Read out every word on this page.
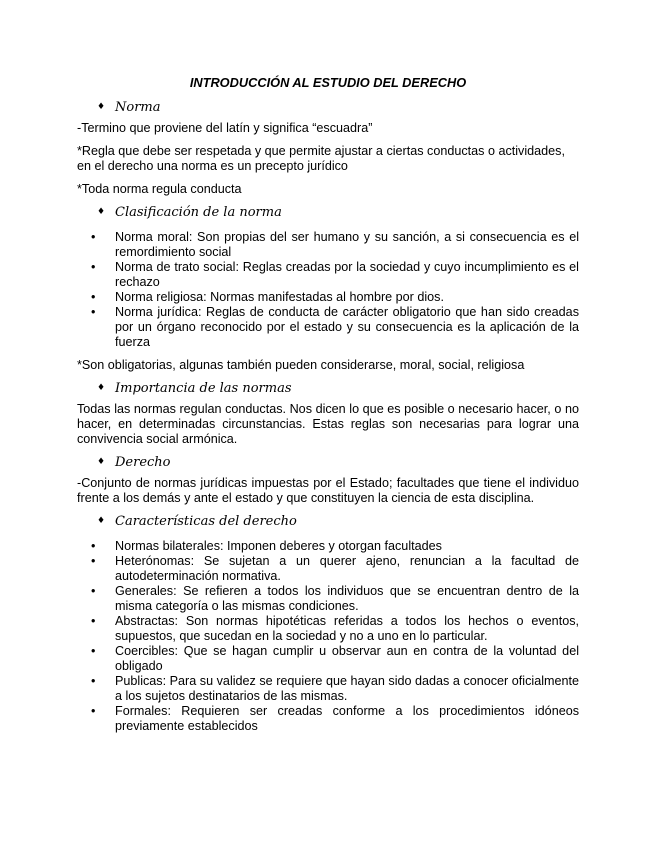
INTRODUCCIÓN AL ESTUDIO DEL DERECHO
♦ Norma

-Termino que proviene del latín y significa “escuadra”

*Regla que debe ser respetada y que permite ajustar a ciertas conductas o actividades, en el derecho una norma es un precepto jurídico

*Toda norma regula conducta

♦ Clasificación de la norma
• Norma moral: Son propias del ser humano y su sanción, a si consecuencia es el remordimiento social
• Norma de trato social: Reglas creadas por la sociedad y cuyo incumplimiento es el rechazo
• Norma religiosa: Normas manifestadas al hombre por dios.
• Norma jurídica: Reglas de conducta de carácter obligatorio que han sido creadas por un órgano reconocido por el estado y su consecuencia es la aplicación de la fuerza

*Son obligatorias, algunas también pueden considerarse, moral, social, religiosa

♦ Importancia de las normas

Todas las normas regulan conductas. Nos dicen lo que es posible o necesario hacer, o no hacer, en determinadas circunstancias. Estas reglas son necesarias para lograr una convivencia social armónica.

♦ Derecho

-Conjunto de normas jurídicas impuestas por el Estado; facultades que tiene el individuo frente a los demás y ante el estado y que constituyen la ciencia de esta disciplina.

♦ Características del derecho
• Normas bilaterales: Imponen deberes y otorgan facultades
• Heterónomas: Se sujetan a un querer ajeno, renuncian a la facultad de autodeterminación normativa.
• Generales: Se refieren a todos los individuos que se encuentran dentro de la misma categoría o las mismas condiciones.
• Abstractas: Son normas hipotéticas referidas a todos los hechos o eventos, supuestos, que sucedan en la sociedad y no a uno en lo particular.
• Coercibles: Que se hagan cumplir u observar aun en contra de la voluntad del obligado
• Publicas: Para su validez se requiere que hayan sido dadas a conocer oficialmente a los sujetos destinatarios de las mismas.
• Formales: Requieren ser creadas conforme a los procedimientos idóneos previamente establecidos
